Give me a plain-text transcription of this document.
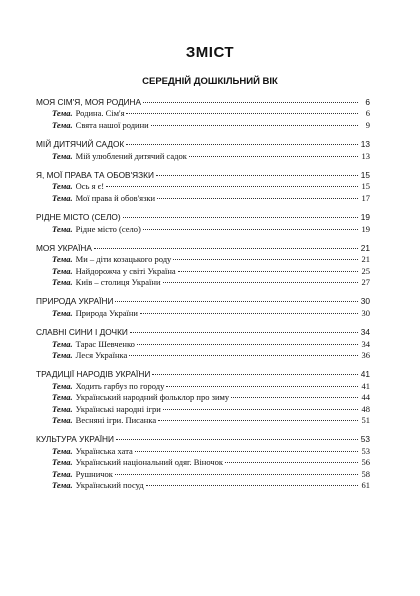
ЗМІСТ
СЕРЕДНІЙ ДОШКІЛЬНИЙ ВІК
МОЯ СІМ'Я, МОЯ РОДИНА	6
Тема. Родина. Сім'я	6
Тема. Свята нашої родини	9
МІЙ ДИТЯЧИЙ САДОК	13
Тема. Мій улюблений дитячий садок	13
Я, МОЇ ПРАВА ТА ОБОВ'ЯЗКИ	15
Тема. Ось я є!	15
Тема. Мої права й обов'язки	17
РІДНЕ МІСТО (СЕЛО)	19
Тема. Рідне місто (село)	19
МОЯ УКРАЇНА	21
Тема. Ми – діти козацького роду	21
Тема. Найдорожча у світі Україна	25
Тема. Київ – столиця України	27
ПРИРОДА УКРАЇНИ	30
Тема. Природа України	30
СЛАВНІ СИНИ І ДОЧКИ	34
Тема. Тарас Шевченко	34
Тема. Леся Українка	36
ТРАДИЦІЇ НАРОДІВ УКРАЇНИ	41
Тема. Ходить гарбуз по городу	41
Тема. Український народний фольклор про зиму	44
Тема. Українські народні ігри	48
Тема. Весняні ігри. Писанка	51
КУЛЬТУРА УКРАЇНИ	53
Тема. Українська хата	53
Тема. Український національний одяг. Віночок	56
Тема. Рушничок	58
Тема. Український посуд	61
